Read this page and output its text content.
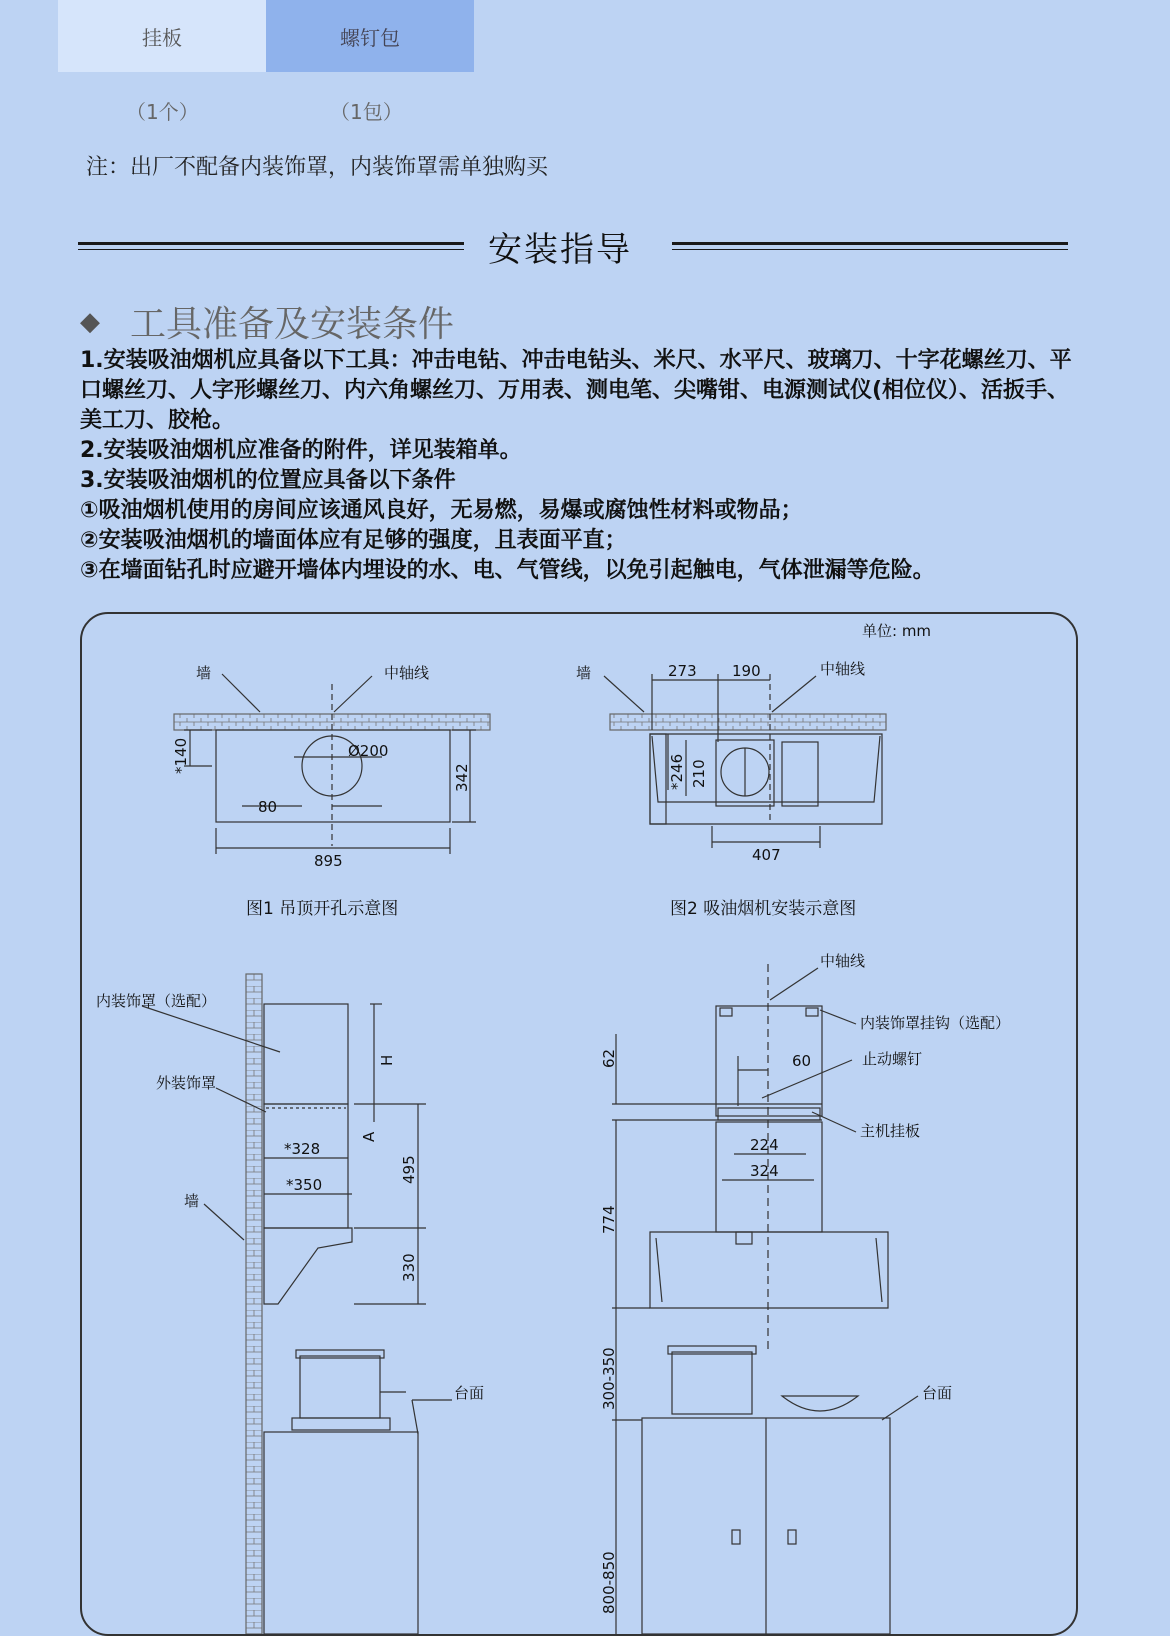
挂板	螺钉包
（1个）	（1包）
注：出厂不配备内装饰罩，内装饰罩需单独购买
安装指导
◆ 工具准备及安装条件

1.安装吸油烟机应具备以下工具：冲击电钻、冲击电钻头、米尺、水平尺、玻璃刀、十字花螺丝刀、平口螺丝刀、人字形螺丝刀、内六角螺丝刀、万用表、测电笔、尖嘴钳、电源测试仪(相位仪）、活扳手、美工刀、胶枪。

2.安装吸油烟机应准备的附件，详见装箱单。

3.安装吸油烟机的位置应具备以下条件

①吸油烟机使用的房间应该通风良好，无易燃，易爆或腐蚀性材料或物品；

②安装吸油烟机的墙面体应有足够的强度，且表面平直；

③在墙面钻孔时应避开墙体内埋设的水、电、气管线，以免引起触电，气体泄漏等危险。

单位: mm
墙	中轴线
*140	Ø200
80
342
895
图1 吊顶开孔示意图
墙	中轴线
273 190
*246 210
407
图2 吸油烟机安装示意图
内装饰罩（选配）
外装饰罩
墙
台面
H
A
*328
*350
495
330
中轴线
内装饰罩挂钩（选配）
止动螺钉
主机挂板
台面
62	60
224
324
774
300-350
800-850
